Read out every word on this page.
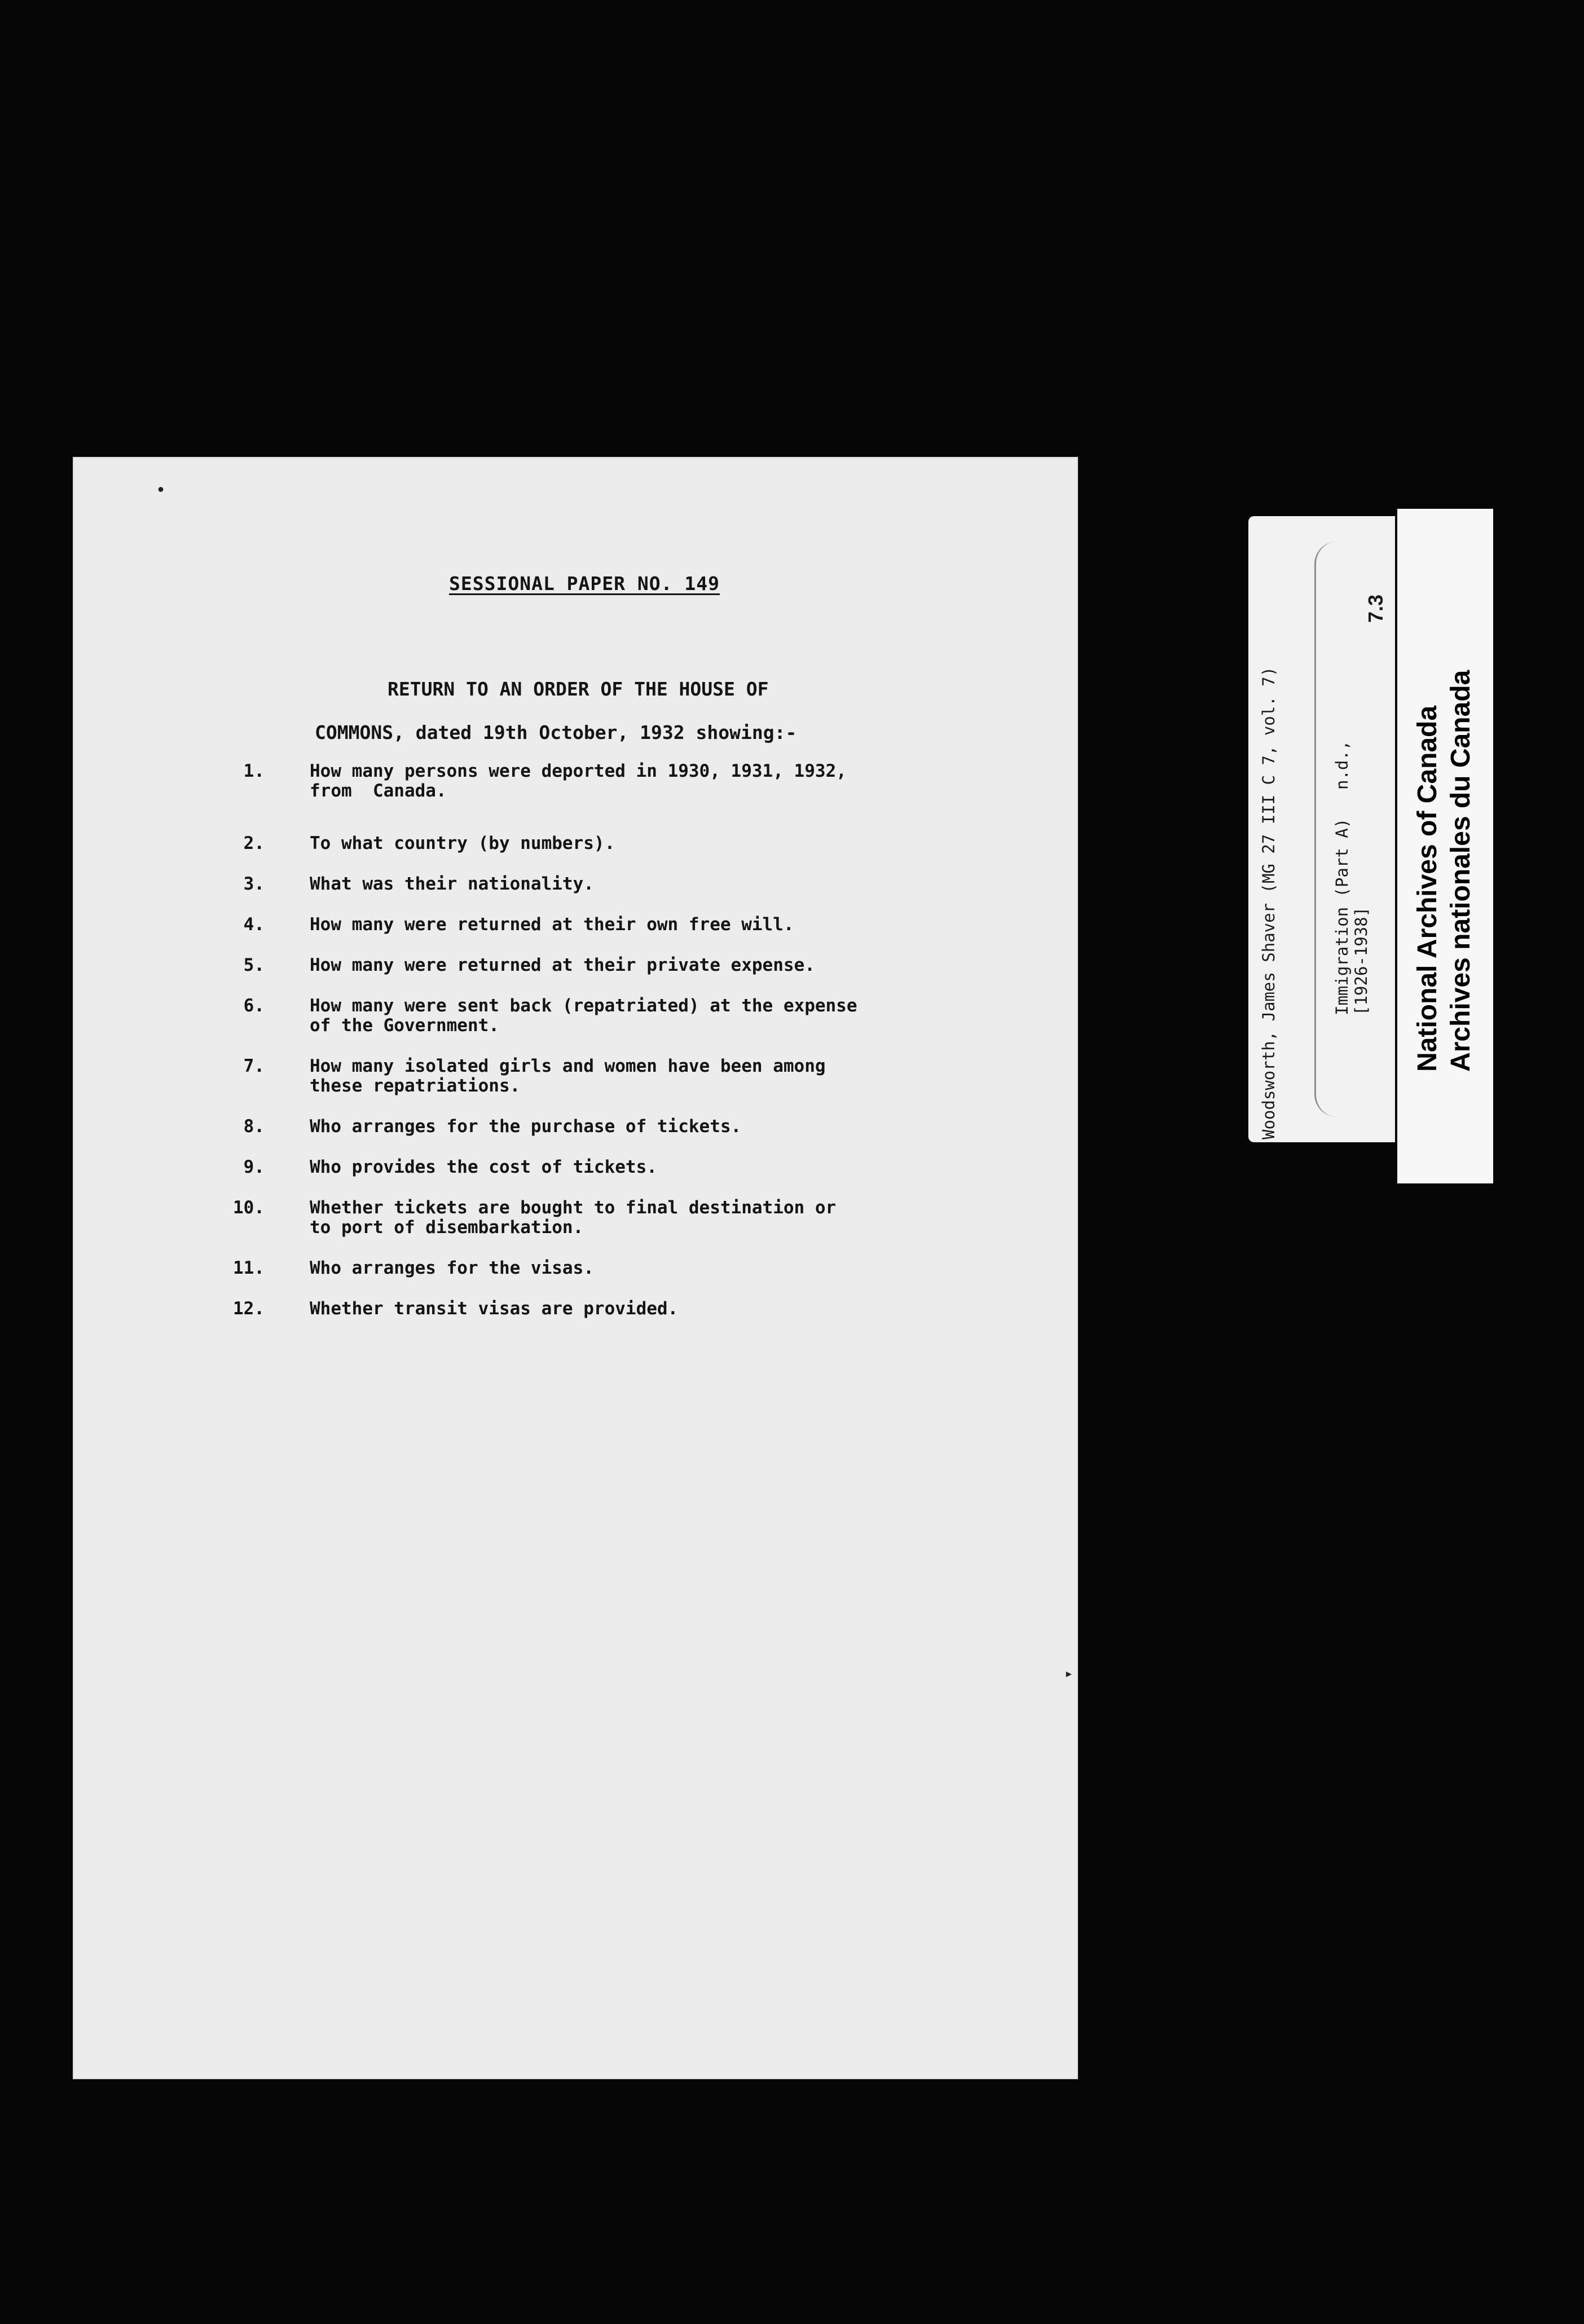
•
SESSIONAL PAPER NO. 149
RETURN TO AN ORDER OF THE HOUSE OF
COMMONS, dated 19th October, 1932 showing:-
1.	How many persons were deported in 1930, 1931, 1932,
from  Canada.
2.	To what country (by numbers).
3.	What was their nationality.
4.	How many were returned at their own free will.
5.	How many were returned at their private expense.
6.	How many were sent back (repatriated) at the expense
of the Government.
7.	How many isolated girls and women have been among
these repatriations.
8.	Who arranges for the purchase of tickets.
9.	Who provides the cost of tickets.
10.	Whether tickets are bought to final destination or
to port of disembarkation.
11.	Who arranges for the visas.
12.	Whether transit visas are provided.
▸
Woodsworth, James Shaver (MG 27 III C 7, vol. 7)	Immigration (Part A) [1926-1938]
n.d.,
7.3
National Archives of Canada Archives nationales du Canada
